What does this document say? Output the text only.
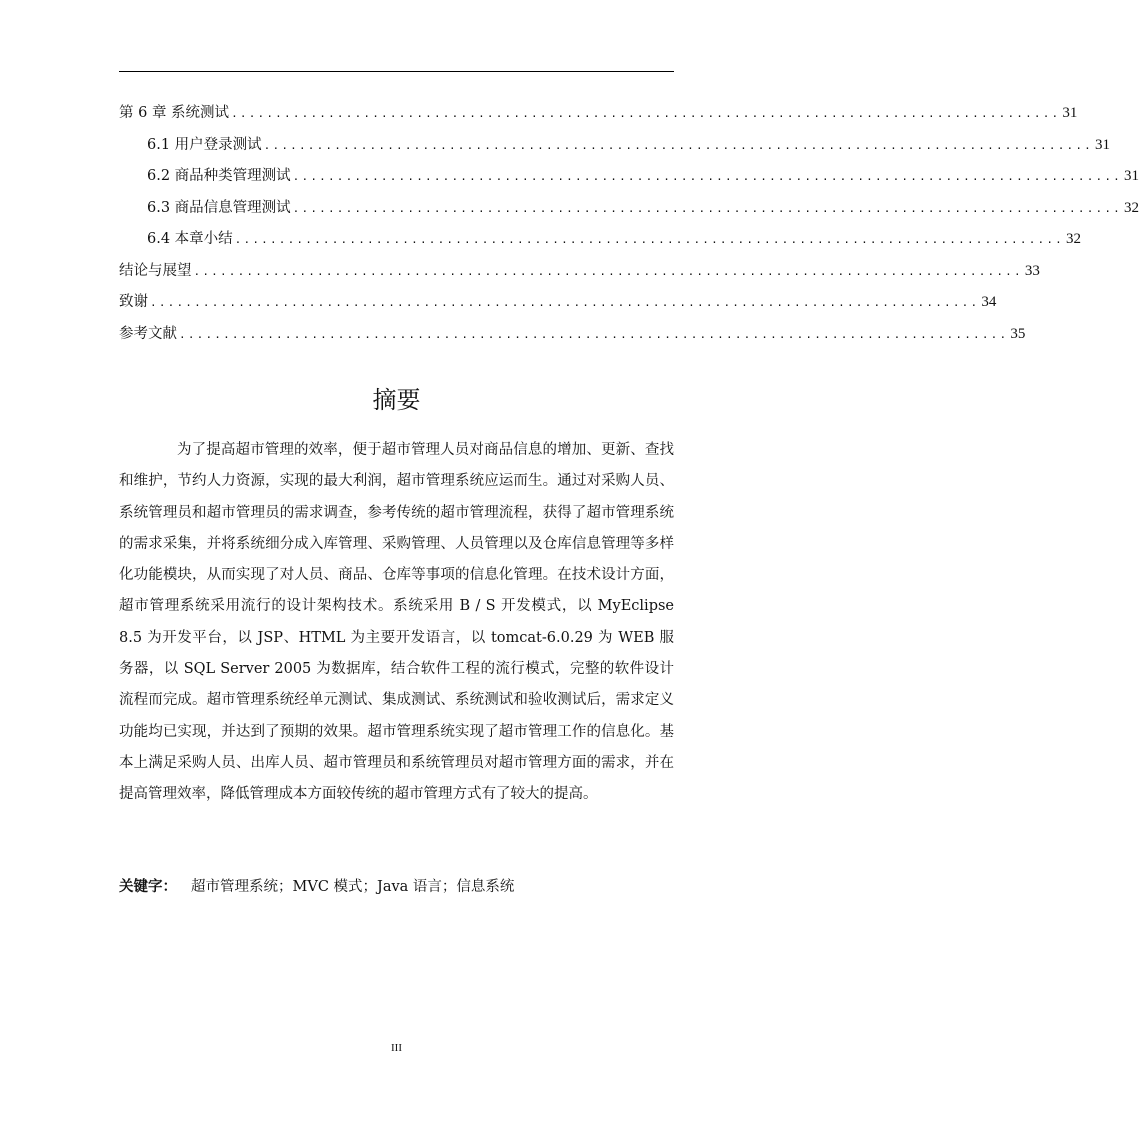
第 6 章 系统测试 .............................................................................................. 31
6.1 用户登录测试 .............................................................................................. 31
6.2 商品种类管理测试 .............................................................................................. 31
6.3 商品信息管理测试 .............................................................................................. 32
6.4 本章小结 .............................................................................................. 32
结论与展望 .............................................................................................. 33
致谢 .............................................................................................. 34
参考文献 .............................................................................................. 35
摘要

为了提高超市管理的效率，便于超市管理人员对商品信息的增加、更新、查找和维护，节约人力资源，实现的最大利润，超市管理系统应运而生。通过对采购人员、系统管理员和超市管理员的需求调查，参考传统的超市管理流程，获得了超市管理系统的需求采集，并将系统细分成入库管理、采购管理、人员管理以及仓库信息管理等多样化功能模块，从而实现了对人员、商品、仓库等事项的信息化管理。在技术设计方面，超市管理系统采用流行的设计架构技术。系统采用 B / S 开发模式，以 MyEclipse 8.5 为开发平台，以 JSP、HTML 为主要开发语言，以 tomcat-6.0.29 为 WEB 服务器，以 SQL Server 2005 为数据库，结合软件工程的流行模式，完整的软件设计流程而完成。超市管理系统经单元测试、集成测试、系统测试和验收测试后，需求定义功能均已实现，并达到了预期的效果。超市管理系统实现了超市管理工作的信息化。基本上满足采购人员、出库人员、超市管理员和系统管理员对超市管理方面的需求，并在提高管理效率，降低管理成本方面较传统的超市管理方式有了较大的提高。

关键字： 超市管理系统；MVC 模式；Java 语言；信息系统
III
